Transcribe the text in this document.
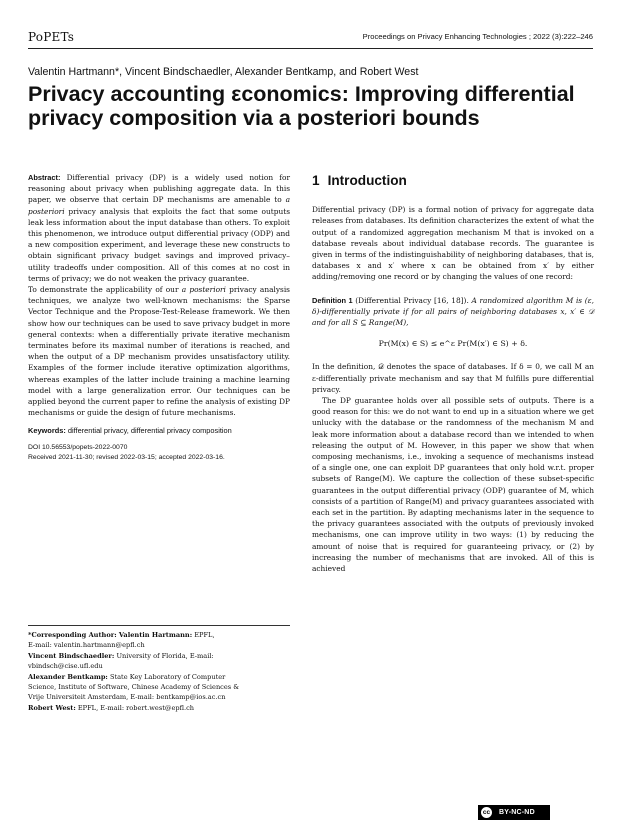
PoPETs	Proceedings on Privacy Enhancing Technologies ; 2022 (3):222–246
Valentin Hartmann*, Vincent Bindschaedler, Alexander Bentkamp, and Robert West
Privacy accounting εconomics: Improving differential privacy composition via a posteriori bounds

Abstract: Differential privacy (DP) is a widely used notion for reasoning about privacy when publishing aggregate data. In this paper, we observe that certain DP mechanisms are amenable to a posteriori privacy analysis that exploits the fact that some outputs leak less information about the input database than others. To exploit this phenomenon, we introduce output differential privacy (ODP) and a new composition experiment, and leverage these new constructs to obtain significant privacy budget savings and improved privacy–utility tradeoffs under composition. All of this comes at no cost in terms of privacy; we do not weaken the privacy guarantee.

To demonstrate the applicability of our a posteriori privacy analysis techniques, we analyze two well-known mechanisms: the Sparse Vector Technique and the Propose-Test-Release framework. We then show how our techniques can be used to save privacy budget in more general contexts: when a differentially private iterative mechanism terminates before its maximal number of iterations is reached, and when the output of a DP mechanism provides unsatisfactory utility. Examples of the former include iterative optimization algorithms, whereas examples of the latter include training a machine learning model with a large generalization error. Our techniques can be applied beyond the current paper to refine the analysis of existing DP mechanisms or guide the design of future mechanisms.

Keywords: differential privacy, differential privacy composition
DOI 10.56553/popets-2022-0070
Received 2021-11-30; revised 2022-03-15; accepted 2022-03-16.
*Corresponding Author: Valentin Hartmann: EPFL,
E-mail: valentin.hartmann@epfl.ch
Vincent Bindschaedler: University of Florida, E-mail:
vbindsch@cise.ufl.edu
Alexander Bentkamp: State Key Laboratory of Computer
Science, Institute of Software, Chinese Academy of Sciences &
Vrije Universiteit Amsterdam, E-mail: bentkamp@ios.ac.cn
Robert West: EPFL, E-mail: robert.west@epfl.ch
1 Introduction

Differential privacy (DP) is a formal notion of privacy for aggregate data releases from databases. Its definition characterizes the extent of what the output of a randomized aggregation mechanism M that is invoked on a database reveals about individual database records. The guarantee is given in terms of the indistinguishability of neighboring databases, that is, databases x and x′ where x can be obtained from x′ by either adding/removing one record or by changing the values of one record:

Definition 1 (Differential Privacy [16, 18]). A randomized algorithm M is (ε, δ)-differentially private if for all pairs of neighboring databases x, x′ ∈ 𝒟 and for all S ⊆ Range(M),

Pr(M(x) ∈ S) ≤ e^ε Pr(M(x′) ∈ S) + δ.

In the definition, 𝒟 denotes the space of databases. If δ = 0, we call M an ε-differentially private mechanism and say that M fulfills pure differential privacy.

The DP guarantee holds over all possible sets of outputs. There is a good reason for this: we do not want to end up in a situation where we get unlucky with the database or the randomness of the mechanism M and leak more information about a database record than we intended to when releasing the output of M. However, in this paper we show that when composing mechanisms, i.e., invoking a sequence of mechanisms instead of a single one, one can exploit DP guarantees that only hold w.r.t. proper subsets of Range(M). We capture the collection of these subset-specific guarantees in the output differential privacy (ODP) guarantee of M, which consists of a partition of Range(M) and privacy guarantees associated with each set in the partition. By adapting mechanisms later in the sequence to the privacy guarantees associated with the outputs of previously invoked mechanisms, one can improve utility in two ways: (1) by reducing the amount of noise that is required for guaranteeing privacy, or (2) by increasing the number of mechanisms that are invoked. All of this is achieved

cc	BY-NC-ND
